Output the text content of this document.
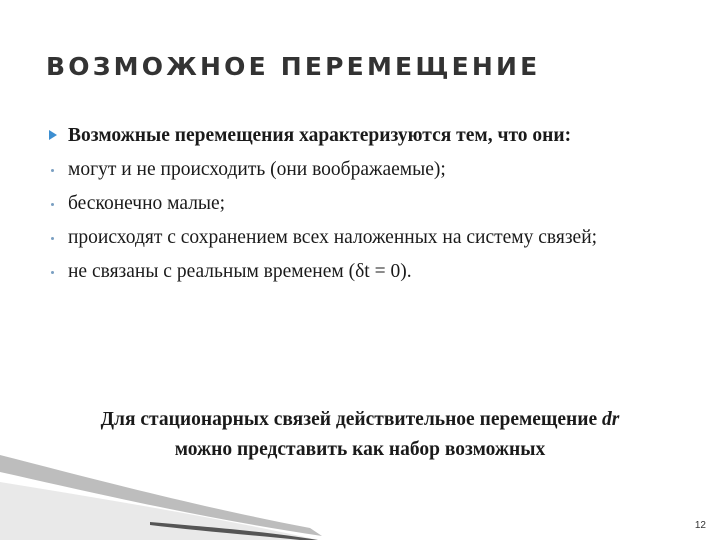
ВОЗМОЖНОЕ ПЕРЕМЕЩЕНИЕ
Возможные перемещения характеризуются тем, что они:
могут и не происходить (они воображаемые);
бесконечно малые;
происходят с сохранением всех наложенных на систему связей;
не связаны с реальным временем (δt = 0).
Для стационарных связей действительное перемещение dr можно представить как набор возможных
12
